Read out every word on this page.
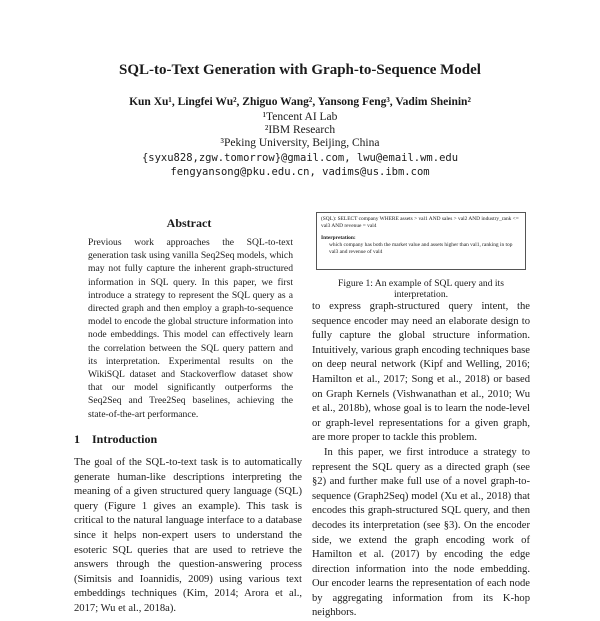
SQL-to-Text Generation with Graph-to-Sequence Model
Kun Xu¹, Lingfei Wu², Zhiguo Wang², Yansong Feng³, Vadim Sheinin²
¹Tencent AI Lab
²IBM Research
³Peking University, Beijing, China
{syxu828,zgw.tomorrow}@gmail.com, lwu@email.wm.edu
fengyansong@pku.edu.cn, vadims@us.ibm.com
Abstract
Previous work approaches the SQL-to-text generation task using vanilla Seq2Seq models, which may not fully capture the inherent graph-structured information in SQL query. In this paper, we first introduce a strategy to represent the SQL query as a directed graph and then employ a graph-to-sequence model to encode the global structure information into node embeddings. This model can effectively learn the correlation between the SQL query pattern and its interpretation. Experimental results on the WikiSQL dataset and Stackoverflow dataset show that our model significantly outperforms the Seq2Seq and Tree2Seq baselines, achieving the state-of-the-art performance.
1 Introduction
The goal of the SQL-to-text task is to automatically generate human-like descriptions interpreting the meaning of a given structured query language (SQL) query (Figure 1 gives an example). This task is critical to the natural language interface to a database since it helps non-expert users to understand the esoteric SQL queries that are used to retrieve the answers through the question-answering process (Simitsis and Ioannidis, 2009) using various text embeddings techniques (Kim, 2014; Arora et al., 2017; Wu et al., 2018a).
(SQL): SELECT company WHERE assets > val1 AND sales > val2 AND industry_rank <= val3 AND revenue = val4
Interpretation:
which company has both the market value and assets higher than val1, ranking in top val3 and revenue of val4
Figure 1: An example of SQL query and its interpretation.

to express graph-structured query intent, the sequence encoder may need an elaborate design to fully capture the global structure information. Intuitively, various graph encoding techniques base on deep neural network (Kipf and Welling, 2016; Hamilton et al., 2017; Song et al., 2018) or based on Graph Kernels (Vishwanathan et al., 2010; Wu et al., 2018b), whose goal is to learn the node-level or graph-level representations for a given graph, are more proper to tackle this problem.

In this paper, we first introduce a strategy to represent the SQL query as a directed graph (see §2) and further make full use of a novel graph-to-sequence (Graph2Seq) model (Xu et al., 2018) that encodes this graph-structured SQL query, and then decodes its interpretation (see §3). On the encoder side, we extend the graph encoding work of Hamilton et al. (2017) by encoding the edge direction information into the node embedding. Our encoder learns the representation of each node by aggregating information from its K-hop neighbors.
